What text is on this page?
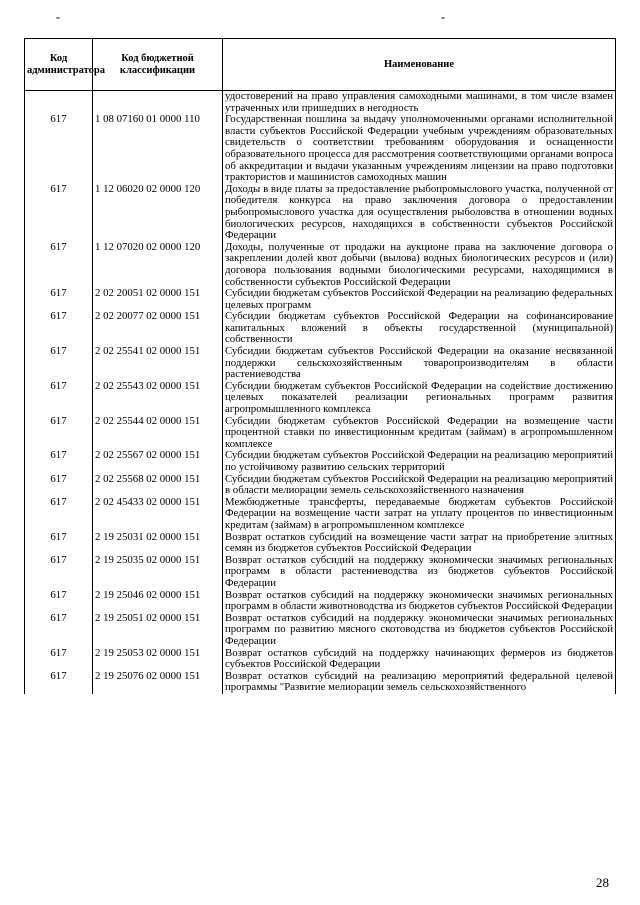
-	-
Код администратора	Код бюджетной классификации	Наименование
		удостоверений на право управления самоходными машинами, в том числе взамен утраченных или пришедших в негодность
617	1 08 07160 01 0000 110	Государственная пошлина за выдачу уполномоченными органами исполнительной власти субъектов Российской Федерации учебным учреждениям образовательных свидетельств о соответствии требованиям оборудования и оснащенности образовательного процесса для рассмотрения соответствующими органами вопроса об аккредитации и выдачи указанным учреждениям лицензии на право подготовки трактористов и машинистов самоходных машин
617	1 12 06020 02 0000 120	Доходы в виде платы за предоставление рыбопромыслового участка, полученной от победителя конкурса на право заключения договора о предоставлении рыбопромыслового участка для осуществления рыболовства в отношении водных биологических ресурсов, находящихся в собственности субъектов Российской Федерации
617	1 12 07020 02 0000 120	Доходы, полученные от продажи на аукционе права на заключение договора о закреплении долей квот добычи (вылова) водных биологических ресурсов и (или) договора пользования водными биологическими ресурсами, находящимися в собственности субъектов Российской Федерации
617	2 02 20051 02 0000 151	Субсидии бюджетам субъектов Российской Федерации на реализацию федеральных целевых программ
617	2 02 20077 02 0000 151	Субсидии бюджетам субъектов Российской Федерации на софинансирование капитальных вложений в объекты государственной (муниципальной) собственности
617	2 02 25541 02 0000 151	Субсидии бюджетам субъектов Российской Федерации на оказание несвязанной поддержки сельскохозяйственным товаропроизводителям в области растениеводства
617	2 02 25543 02 0000 151	Субсидии бюджетам субъектов Российской Федерации на содействие достижению целевых показателей реализации региональных программ развития агропромышленного комплекса
617	2 02 25544 02 0000 151	Субсидии бюджетам субъектов Российской Федерации на возмещение части процентной ставки по инвестиционным кредитам (займам) в агропромышленном комплексе
617	2 02 25567 02 0000 151	Субсидии бюджетам субъектов Российской Федерации на реализацию мероприятий по устойчивому развитию сельских территорий
617	2 02 25568 02 0000 151	Субсидии бюджетам субъектов Российской Федерации на реализацию мероприятий в области мелиорации земель сельскохозяйственного назначения
617	2 02 45433 02 0000 151	Межбюджетные трансферты, передаваемые бюджетам субъектов Российской Федерации на возмещение части затрат на уплату процентов по инвестиционным кредитам (займам) в агропромышленном комплексе
617	2 19 25031 02 0000 151	Возврат остатков субсидий на возмещение части затрат на приобретение элитных семян из бюджетов субъектов Российской Федерации
617	2 19 25035 02 0000 151	Возврат остатков субсидий на поддержку экономически значимых региональных программ в области растениеводства из бюджетов субъектов Российской Федерации
617	2 19 25046 02 0000 151	Возврат остатков субсидий на поддержку экономически значимых региональных программ в области животноводства из бюджетов субъектов Российской Федерации
617	2 19 25051 02 0000 151	Возврат остатков субсидий на поддержку экономически значимых региональных программ по развитию мясного скотоводства из бюджетов субъектов Российской Федерации
617	2 19 25053 02 0000 151	Возврат остатков субсидий на поддержку начинающих фермеров из бюджетов субъектов Российской Федерации
617	2 19 25076 02 0000 151	Возврат остатков субсидий на реализацию мероприятий федеральной целевой программы "Развитие мелиорации земель сельскохозяйственного
28
